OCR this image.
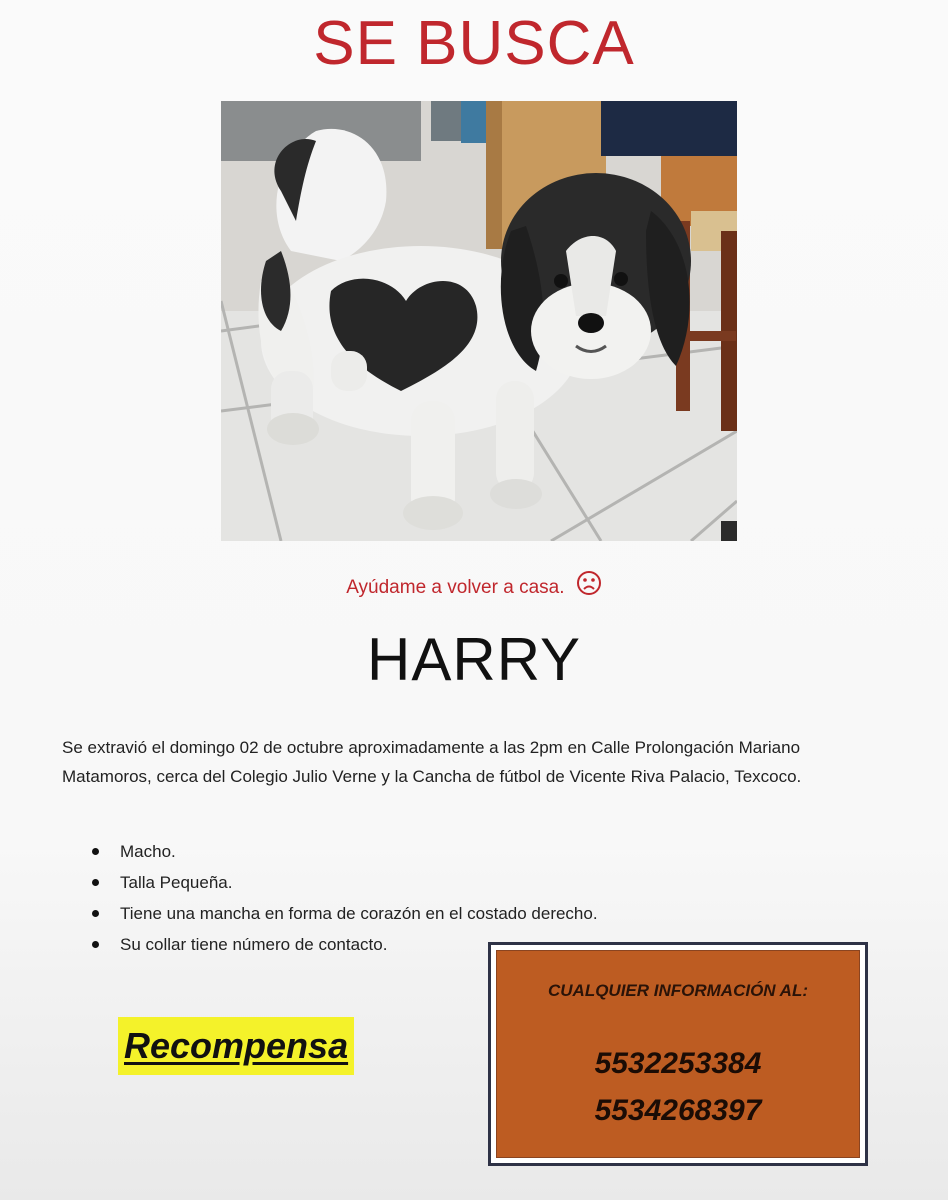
SE BUSCA
Ayúdame a volver a casa.
HARRY

Se extravió el domingo 02 de octubre aproximadamente a las 2pm en Calle Prolongación Mariano Matamoros, cerca del Colegio Julio Verne y la Cancha de fútbol de Vicente Riva Palacio, Texcoco.

Macho.
Talla Pequeña.
Tiene una mancha en forma de corazón en el costado derecho.
Su collar tiene número de contacto.
Recompensa
CUALQUIER INFORMACIÓN AL:
5532253384
5534268397
